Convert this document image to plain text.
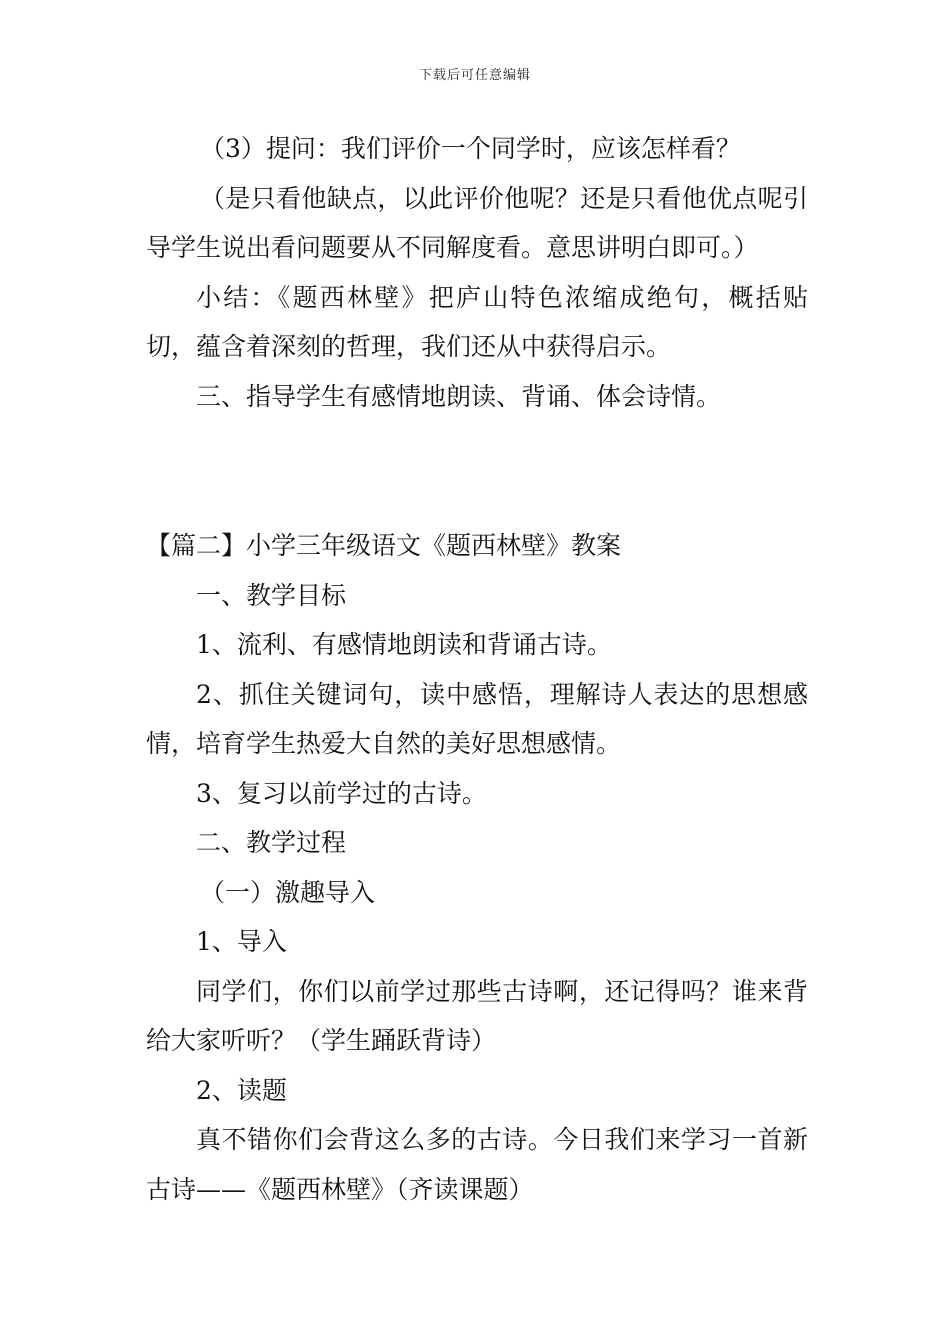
下载后可任意编辑

（3）提问：我们评价一个同学时，应该怎样看？

（是只看他缺点，以此评价他呢？还是只看他优点呢引导学生说出看问题要从不同解度看。意思讲明白即可。）

小结：《题西林壁》把庐山特色浓缩成绝句，概括贴切，蕴含着深刻的哲理，我们还从中获得启示。

三、指导学生有感情地朗读、背诵、体会诗情。

【篇二】小学三年级语文《题西林壁》教案

一、教学目标

1、流利、有感情地朗读和背诵古诗。

2、抓住关键词句，读中感悟，理解诗人表达的思想感情，培育学生热爱大自然的美好思想感情。

3、复习以前学过的古诗。

二、教学过程

（一）激趣导入

1、导入

同学们，你们以前学过那些古诗啊，还记得吗？谁来背给大家听听？（学生踊跃背诗）

2、读题

真不错你们会背这么多的古诗。今日我们来学习一首新古诗——《题西林壁》（齐读课题）
